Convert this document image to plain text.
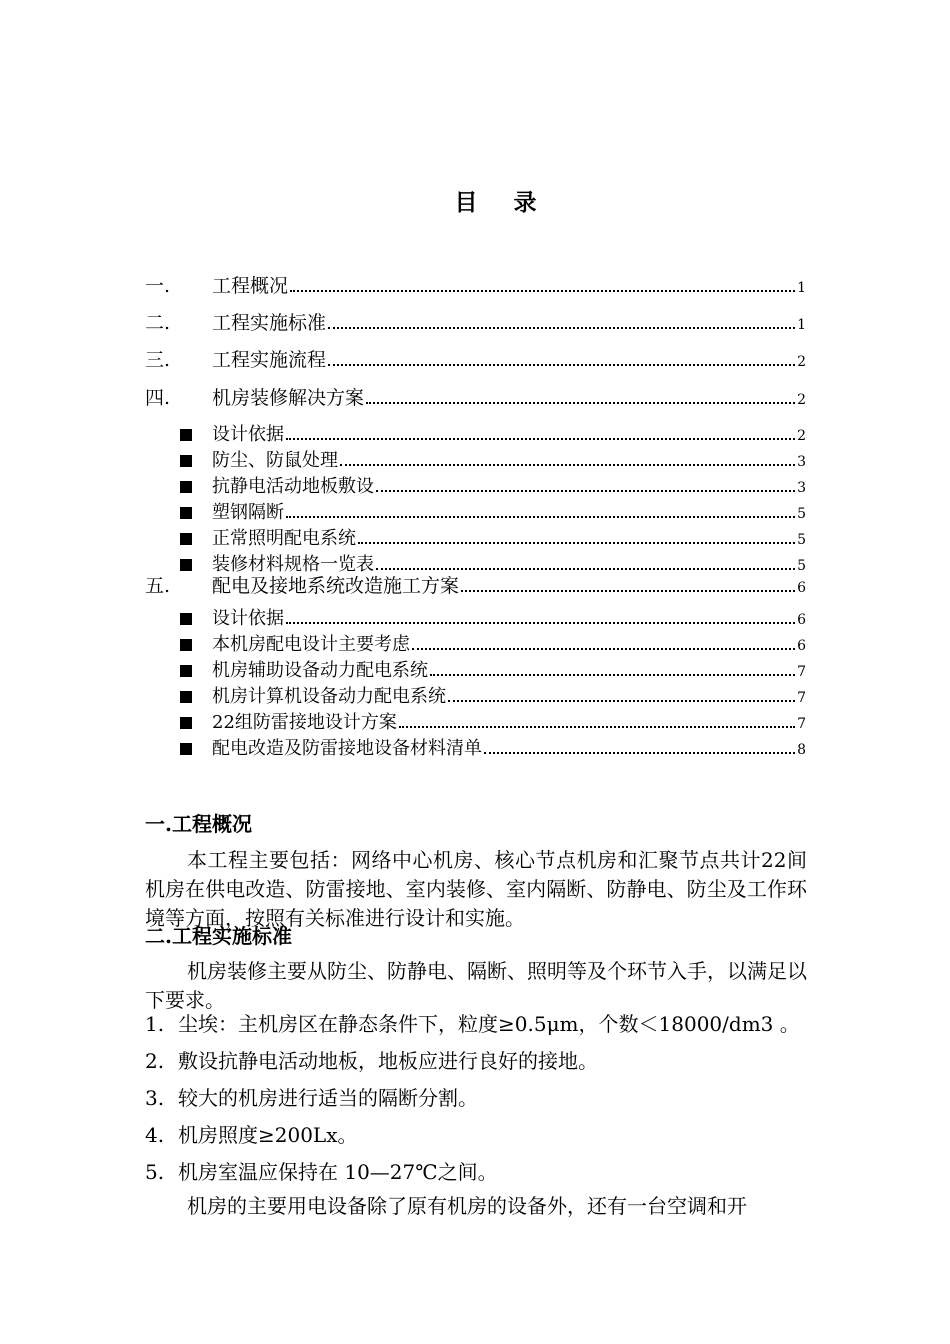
目 录
一.	工程概况	1
二.	工程实施标准	1
三.	工程实施流程	2
四.	机房装修解决方案	2
设计依据	2
防尘、防鼠处理	3
抗静电活动地板敷设	3
塑钢隔断	5
正常照明配电系统	5
装修材料规格一览表	5
五.	配电及接地系统改造施工方案	6
设计依据	6
本机房配电设计主要考虑	6
机房辅助设备动力配电系统	7
机房计算机设备动力配电系统	7
22组防雷接地设计方案	7
配电改造及防雷接地设备材料清单	8
一.工程概况
本工程主要包括：网络中心机房、核心节点机房和汇聚节点共计22间机房在供电改造、防雷接地、室内装修、室内隔断、防静电、防尘及工作环境等方面，按照有关标准进行设计和实施。
二.工程实施标准
机房装修主要从防尘、防静电、隔断、照明等及个环节入手，以满足以下要求。
1. 尘埃：主机房区在静态条件下，粒度≥0.5μm，个数＜18000/dm3 。
2. 敷设抗静电活动地板，地板应进行良好的接地。
3. 较大的机房进行适当的隔断分割。
4. 机房照度≥200Lx。
5. 机房室温应保持在 10—27℃之间。
机房的主要用电设备除了原有机房的设备外，还有一台空调和开
